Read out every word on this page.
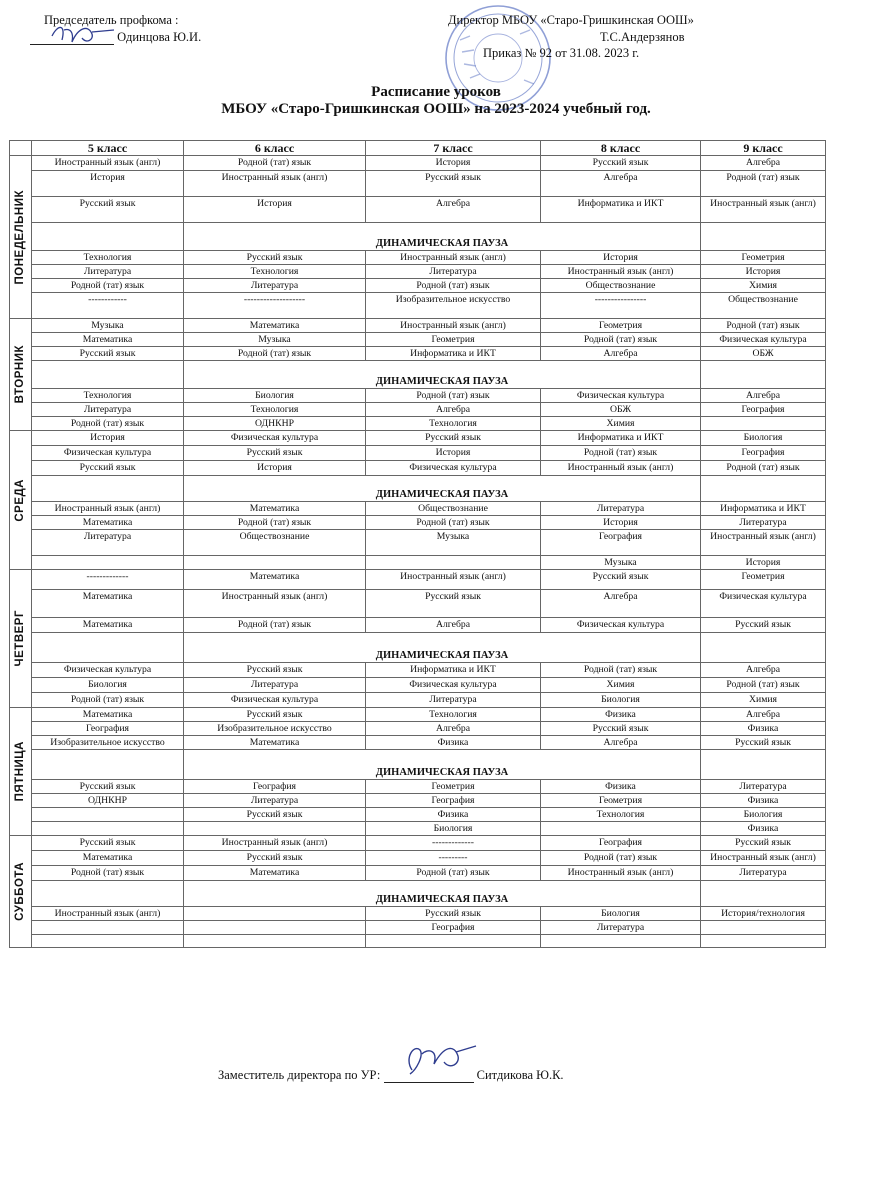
Председатель профкома :
Одинцова Ю.И.
Директор МБОУ «Старо-Гришкинская ООШ»
Т.С.Андерзянов
Приказ № 92 от 31.08. 2023 г.
Расписание уроков
МБОУ «Старо-Гришкинская ООШ» на 2023-2024 учебный год.
	5 класс	6 класс	7 класс	8 класс	9 класс

ПОНЕДЕЛЬНИК	Иностранный язык (англ)	Родной (тат) язык	История	Русский язык	Алгебра
	История	Иностранный язык (англ)	Русский язык	Алгебра	Родной (тат) язык
	Русский язык	История	Алгебра	Информатика и ИКТ	Иностранный язык (англ)
		ДИНАМИЧЕСКАЯ ПАУЗА			
	Технология	Русский язык	Иностранный язык (англ)	История	Геометрия
	Литература	Технология	Литература	Иностранный язык (англ)	История
	Родной (тат) язык	Литература	Родной (тат) язык	Обществознание	Химия
	------------	-------------------	Изобразительное искусство	----------------	Обществознание

ВТОРНИК	Музыка	Математика	Иностранный язык (англ)	Геометрия	Родной (тат) язык
	Математика	Музыка	Геометрия	Родной (тат) язык	Физическая культура
	Русский язык	Родной (тат) язык	Информатика и ИКТ	Алгебра	ОБЖ
		ДИНАМИЧЕСКАЯ ПАУЗА			
	Технология	Биология	Родной (тат) язык	Физическая культура	Алгебра
	Литература	Технология	Алгебра	ОБЖ	География
	Родной (тат) язык	ОДНКНР	Технология	Химия	

СРЕДА	История	Физическая культура	Русский язык	Информатика и ИКТ	Биология
	Физическая культура	Русский язык	История	Родной (тат) язык	География
	Русский язык	История	Физическая культура	Иностранный язык (англ)	Родной (тат) язык
		ДИНАМИЧЕСКАЯ ПАУЗА			
	Иностранный язык (англ)	Математика	Обществознание	Литература	Информатика и ИКТ
	Математика	Родной (тат) язык	Родной (тат) язык	История	Литература
	Литература	Обществознание	Музыка	География	Иностранный язык (англ)
				Музыка	История

ЧЕТВЕРГ	-------------	Математика	Иностранный язык (англ)	Русский язык	Геометрия
	Математика	Иностранный язык (англ)	Русский язык	Алгебра	Физическая культура
	Математика	Родной (тат) язык	Алгебра	Физическая культура	Русский язык
		ДИНАМИЧЕСКАЯ ПАУЗА			
	Физическая культура	Русский язык	Информатика и ИКТ	Родной (тат) язык	Алгебра
	Биология	Литература	Физическая культура	Химия	Родной (тат) язык
	Родной (тат) язык	Физическая культура	Литература	Биология	Химия

ПЯТНИЦА	Математика	Русский язык	Технология	Физика	Алгебра
	География	Изобразительное искусство	Алгебра	Русский язык	Физика
	Изобразительное искусство	Математика	Физика	Алгебра	Русский язык
		ДИНАМИЧЕСКАЯ ПАУЗА			
	Русский язык	География	Геометрия	Физика	Литература
	ОДНКНР	Литература	География	Геометрия	Физика
		Русский язык	Физика	Технология	Биология
			Биология		Физика

СУББОТА	Русский язык	Иностранный язык (англ)	-------------	География	Русский язык
	Математика	Русский язык	---------	Родной (тат) язык	Иностранный язык (англ)
	Родной (тат) язык	Математика	Родной (тат) язык	Иностранный язык (англ)	Литература
		ДИНАМИЧЕСКАЯ ПАУЗА			
	Иностранный язык (англ)		Русский язык	Биология	История/технология
			География	Литература	

Заместитель директора по УР:	Ситдикова Ю.К.
